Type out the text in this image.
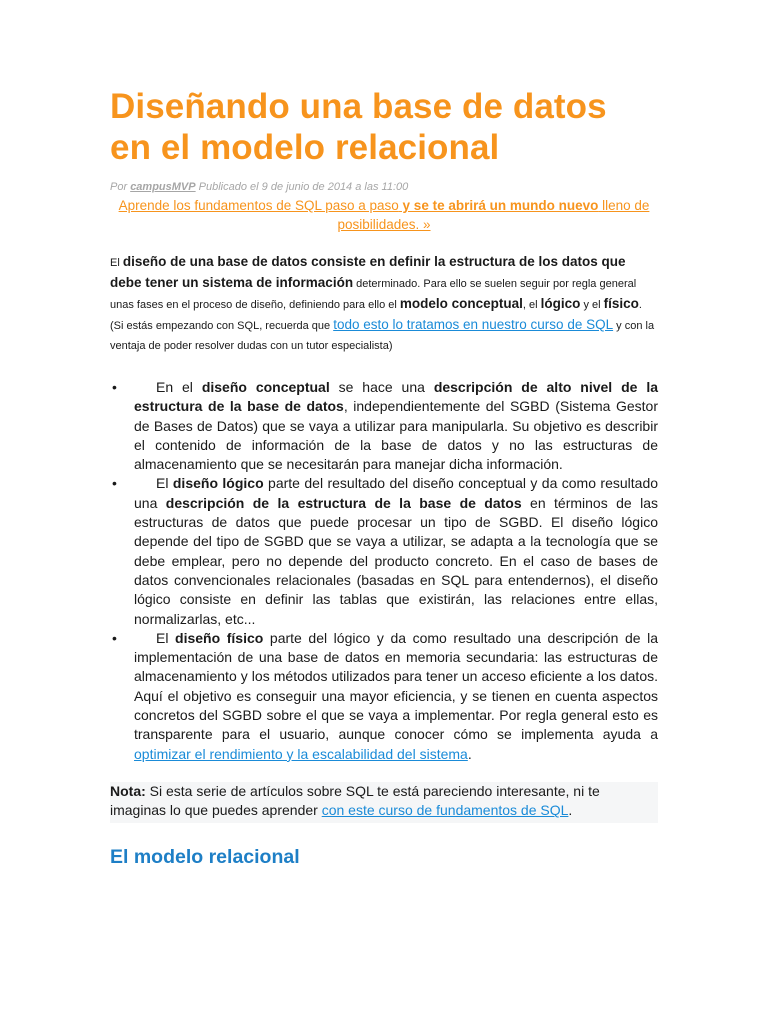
Diseñando una base de datos
en el modelo relacional
Por campusMVP Publicado el 9 de junio de 2014 a las 11:00
Aprende los fundamentos de SQL paso a paso y se te abrirá un mundo nuevo lleno de posibilidades. »

El diseño de una base de datos consiste en definir la estructura de los datos que debe tener un sistema de información determinado. Para ello se suelen seguir por regla general unas fases en el proceso de diseño, definiendo para ello el modelo conceptual, el lógico y el físico. (Si estás empezando con SQL, recuerda que todo esto lo tratamos en nuestro curso de SQL y con la ventaja de poder resolver dudas con un tutor especialista)

•	En el diseño conceptual se hace una descripción de alto nivel de la estructura de la base de datos, independientemente del SGBD (Sistema Gestor de Bases de Datos) que se vaya a utilizar para manipularla. Su objetivo es describir el contenido de información de la base de datos y no las estructuras de almacenamiento que se necesitarán para manejar dicha información.
•	El diseño lógico parte del resultado del diseño conceptual y da como resultado una descripción de la estructura de la base de datos en términos de las estructuras de datos que puede procesar un tipo de SGBD. El diseño lógico depende del tipo de SGBD que se vaya a utilizar, se adapta a la tecnología que se debe emplear, pero no depende del producto concreto. En el caso de bases de datos convencionales relacionales (basadas en SQL para entendernos), el diseño lógico consiste en definir las tablas que existirán, las relaciones entre ellas, normalizarlas, etc...
•	El diseño físico parte del lógico y da como resultado una descripción de la implementación de una base de datos en memoria secundaria: las estructuras de almacenamiento y los métodos utilizados para tener un acceso eficiente a los datos. Aquí el objetivo es conseguir una mayor eficiencia, y se tienen en cuenta aspectos concretos del SGBD sobre el que se vaya a implementar. Por regla general esto es transparente para el usuario, aunque conocer cómo se implementa ayuda a optimizar el rendimiento y la escalabilidad del sistema.
Nota: Si esta serie de artículos sobre SQL te está pareciendo interesante, ni te imaginas lo que puedes aprender con este curso de fundamentos de SQL.
El modelo relacional
